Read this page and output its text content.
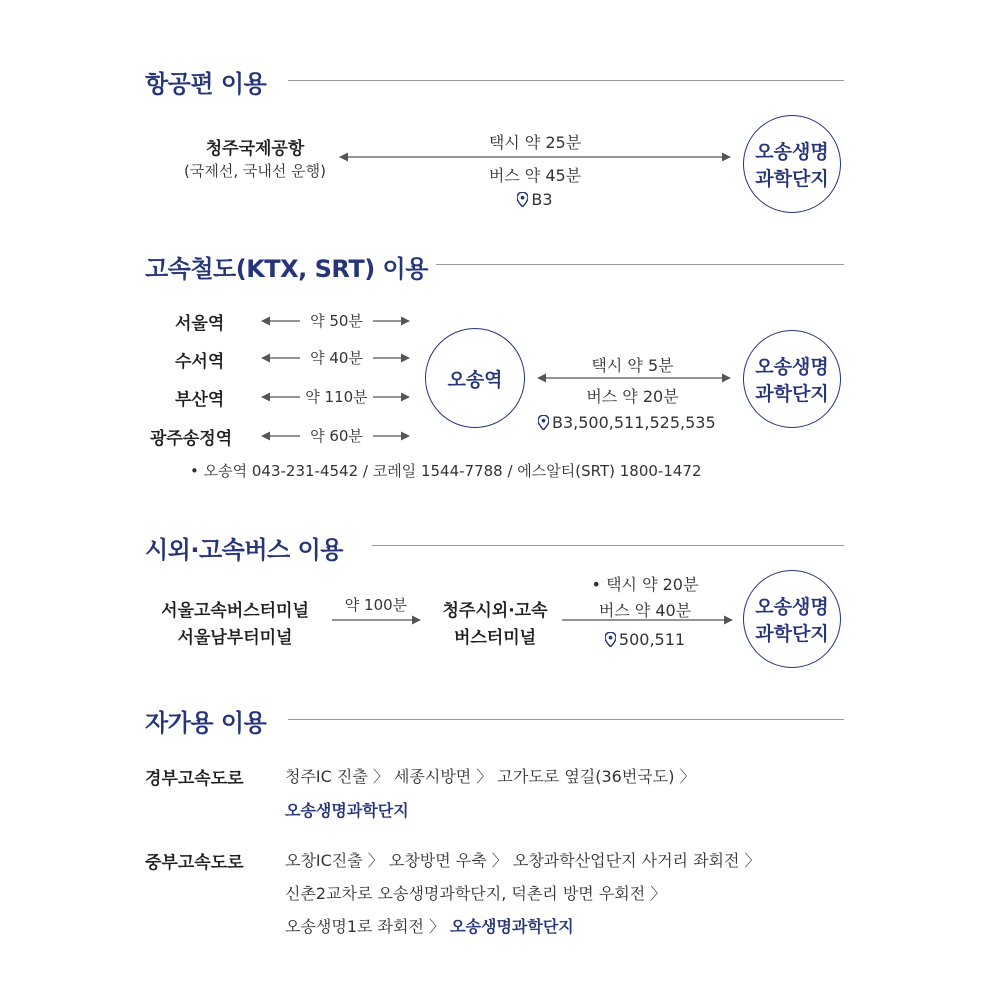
항공편 이용
청주국제공항
(국제선, 국내선 운행)
택시 약 25분
버스 약 45분
B3
오송생명
과학단지
고속철도(KTX, SRT) 이용
서울역
수서역
부산역
광주송정역
약 50분
약 40분
약 110분
약 60분
오송역
택시 약 5분
버스 약 20분
B3,500,511,525,535
오송생명
과학단지
• 오송역 043-231-4542 / 코레일 1544-7788 / 에스알티(SRT) 1800-1472
시외·고속버스 이용
서울고속버스터미널
서울남부터미널
약 100분	청주시외·고속
버스터미널
• 택시 약 20분
버스 약 40분
500,511
오송생명
과학단지
자가용 이용
경부고속도로	청주IC 진출 〉 세종시방면 〉 고가도로 옆길(36번국도) 〉
오송생명과학단지
중부고속도로	오창IC진출 〉 오창방면 우축 〉 오창과학산업단지 사거리 좌회전 〉
신촌2교차로 오송생명과학단지, 덕촌리 방면 우회전 〉
오송생명1로 좌회전 〉 오송생명과학단지
